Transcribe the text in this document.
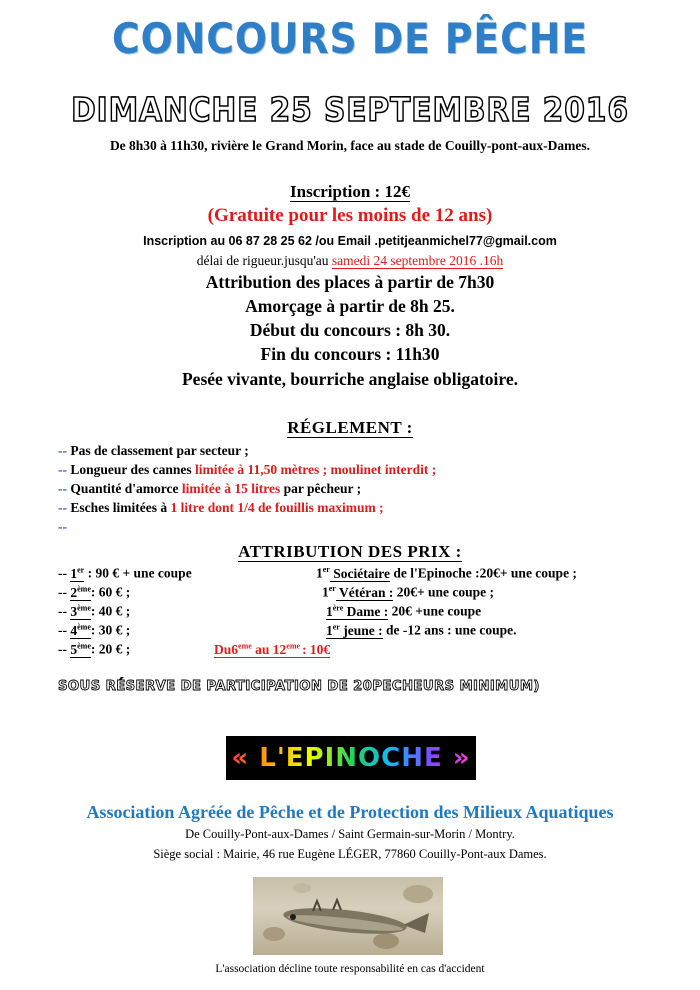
CONCOURS DE PÊCHE
DIMANCHE 25 SEPTEMBRE 2016
De 8h30 à 11h30, rivière le Grand Morin, face au stade de Couilly-pont-aux-Dames.
Inscription : 12€
(Gratuite pour les moins de 12 ans)
Inscription au 06 87 28 25 62 /ou Email .petitjeanmichel77@gmail.com
délai de rigueur.jusqu'au samedi 24 septembre 2016 .16h
Attribution des places à partir de 7h30
Amorçage à partir de 8h 25.
Début du concours : 8h 30.
Fin du concours : 11h30
Pesée vivante, bourriche anglaise obligatoire.
RÉGLEMENT :
-- Pas de classement par secteur ;
-- Longueur des cannes limitée à 11,50 mètres ; moulinet interdit ;
-- Quantité d'amorce limitée à 15 litres par pêcheur ;
-- Esches limitées à 1 litre dont 1/4 de fouillis maximum ;
--
ATTRIBUTION DES PRIX :
-- 1er : 90 € + une coupe
-- 2ème: 60 € ;
-- 3ème: 40 € ;
-- 4ème: 30 € ;
-- 5ème: 20 € ;
1er Sociétaire de l'Epinoche :20€+ une coupe ;
1er Vétéran : 20€+ une coupe ;
1ère Dame : 20€ +une coupe
1er jeune : de -12 ans : une coupe.
Du6eme au 12eme : 10€
SOUS RÉSERVE DE PARTICIPATION DE 20PECHEURS MINIMUM)
« L'EPINOCHE »
Association Agréée de Pêche et de Protection des Milieux Aquatiques
De Couilly-Pont-aux-Dames / Saint Germain-sur-Morin / Montry.
Siège social : Mairie, 46 rue Eugène LÉGER, 77860 Couilly-Pont-aux Dames.
L'association décline toute responsabilité en cas d'accident
